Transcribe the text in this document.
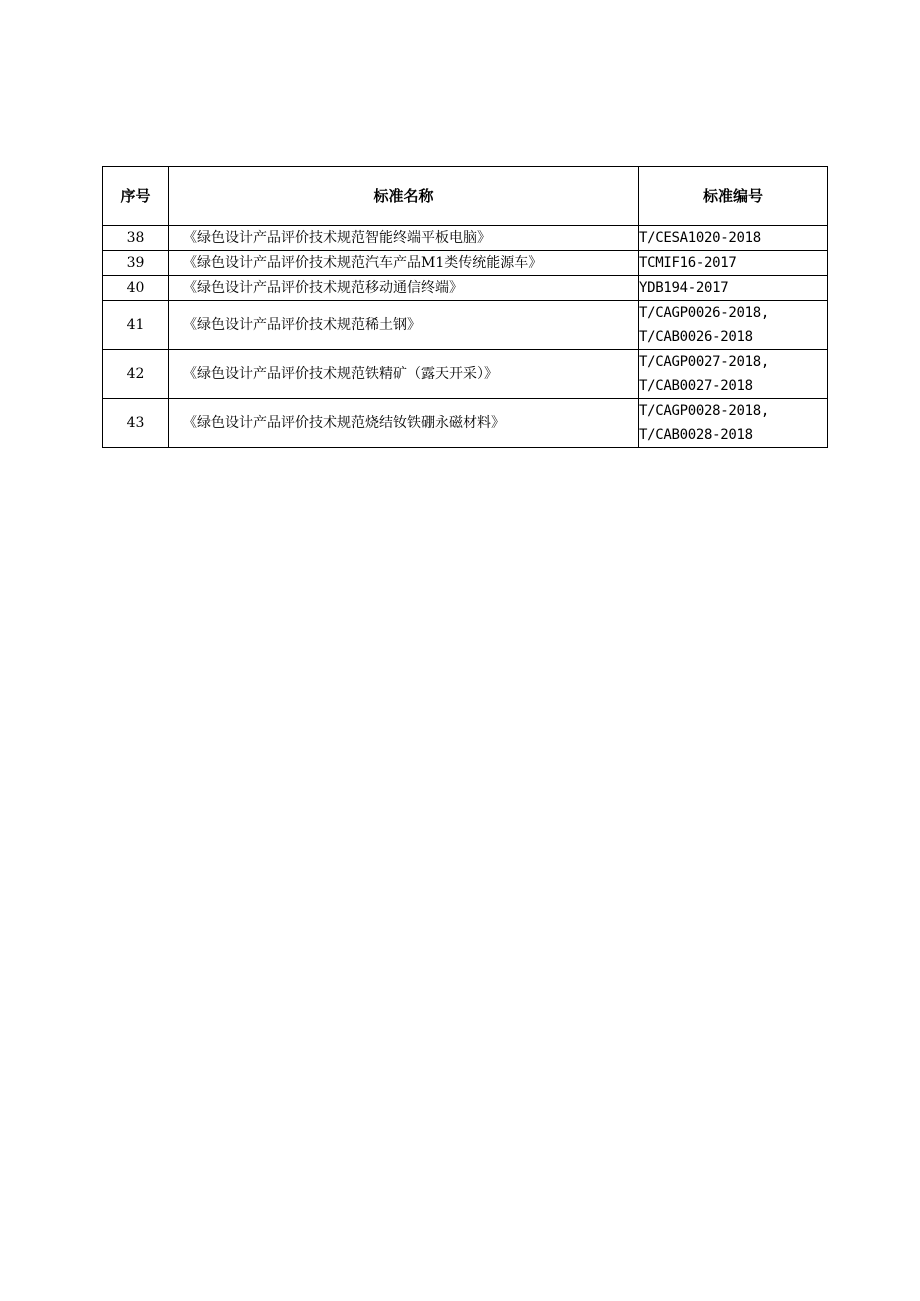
序号	标准名称	标准编号
38	《绿色设计产品评价技术规范智能终端平板电脑》	T/CESA1020-2018

39	《绿色设计产品评价技术规范汽车产品M1类传统能源车》	TCMIF16-2017

40	《绿色设计产品评价技术规范移动通信终端》	YDB194-2017

41	《绿色设计产品评价技术规范稀土钢》	T/CAGP0026-2018,
T/CAB0026-2018

42	《绿色设计产品评价技术规范铁精矿（露天开采）》	T/CAGP0027-2018,
T/CAB0027-2018

43	《绿色设计产品评价技术规范烧结钕铁硼永磁材料》	T/CAGP0028-2018,
T/CAB0028-2018
